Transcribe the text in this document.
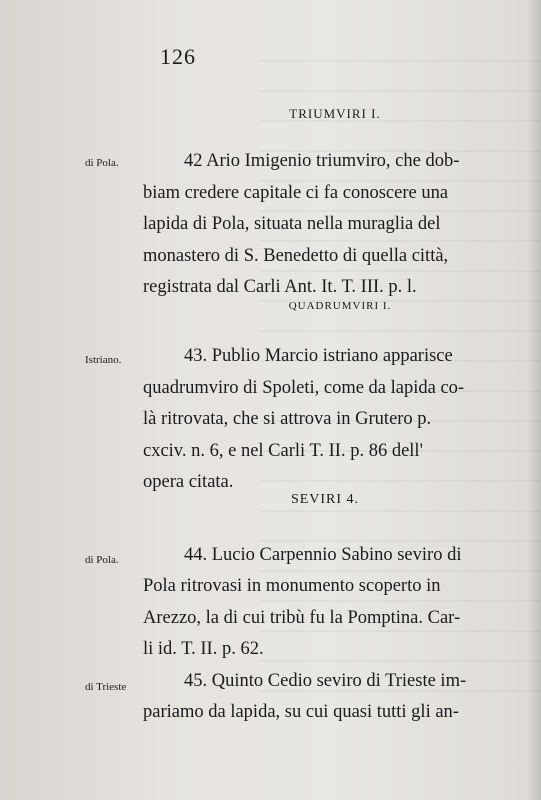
126
TRIUMVIRI I.
di Pola.	42 Ario Imigenio triumviro, che dob-
biam credere capitale ci fa conoscere una
lapida di Pola, situata nella muraglia del
monastero di S. Benedetto di quella città,
registrata dal Carli Ant. It. T. III. p. l.
QUADRUMVIRI I.
Istriano.	43. Publio Marcio istriano apparisce
quadrumviro di Spoleti, come da lapida co-
là ritrovata, che si attrova in Grutero p.
cxciv. n. 6, e nel Carli T. II. p. 86 dell'
opera citata.
SEVIRI 4.
di Pola.	44. Lucio Carpennio Sabino seviro di
Pola ritrovasi in monumento scoperto in
Arezzo, la di cui tribù fu la Pomptina. Car-
li id. T. II. p. 62.
di Trieste	45. Quinto Cedio seviro di Trieste im-
pariamo da lapida, su cui quasi tutti gli an-
